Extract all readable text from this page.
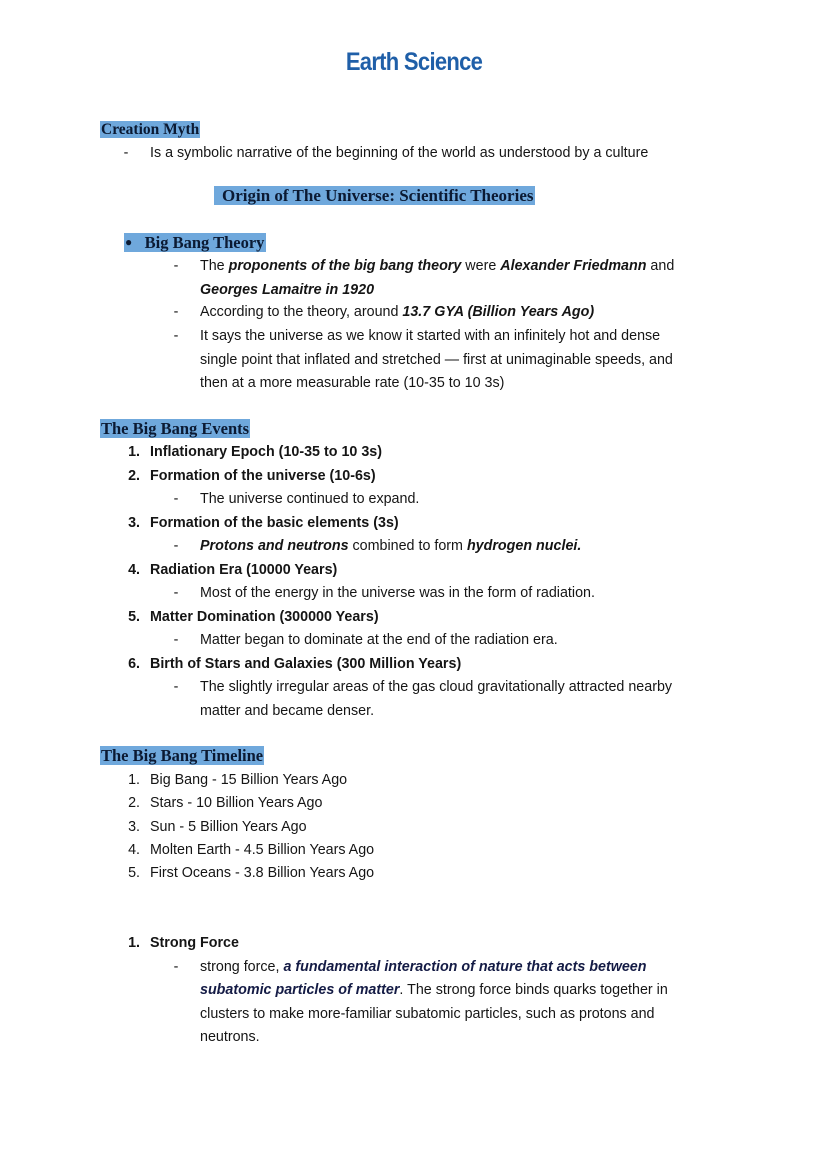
Earth Science
Creation Myth
- Is a symbolic narrative of the beginning of the world as understood by a culture
Origin of The Universe: Scientific Theories
● Big Bang Theory
- The proponents of the big bang theory were Alexander Friedmann and
Georges Lamaitre in 1920
- According to the theory, around 13.7 GYA (Billion Years Ago)
- It says the universe as we know it started with an infinitely hot and dense
single point that inflated and stretched — first at unimaginable speeds, and
then at a more measurable rate (10-35 to 10 3s)
The Big Bang Events
1. Inflationary Epoch (10-35 to 10 3s)
2. Formation of the universe (10-6s)
- The universe continued to expand.
3. Formation of the basic elements (3s)
- Protons and neutrons combined to form hydrogen nuclei.
4. Radiation Era (10000 Years)
- Most of the energy in the universe was in the form of radiation.
5. Matter Domination (300000 Years)
- Matter began to dominate at the end of the radiation era.
6. Birth of Stars and Galaxies (300 Million Years)
- The slightly irregular areas of the gas cloud gravitationally attracted nearby
matter and became denser.
The Big Bang Timeline
1. Big Bang - 15 Billion Years Ago
2. Stars - 10 Billion Years Ago
3. Sun - 5 Billion Years Ago
4. Molten Earth - 4.5 Billion Years Ago
5. First Oceans - 3.8 Billion Years Ago
1. Strong Force
- strong force, a fundamental interaction of nature that acts between
subatomic particles of matter. The strong force binds quarks together in
clusters to make more-familiar subatomic particles, such as protons and
neutrons.
